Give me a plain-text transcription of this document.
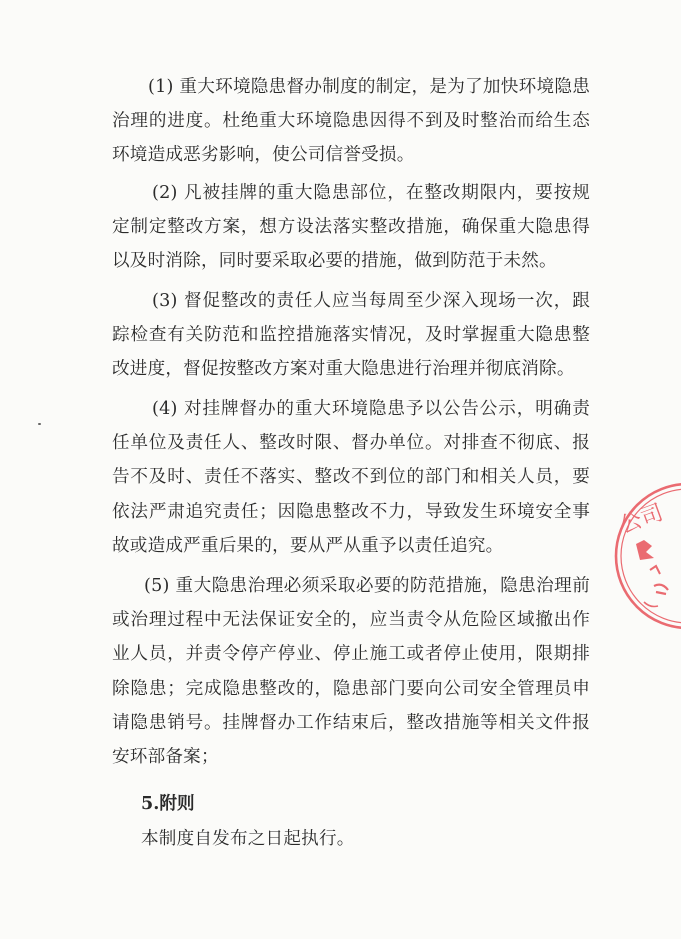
(1) 重大环境隐患督办制度的制定，是为了加快环境隐患治理的进度。杜绝重大环境隐患因得不到及时整治而给生态环境造成恶劣影响，使公司信誉受损。

(2) 凡被挂牌的重大隐患部位，在整改期限内，要按规定制定整改方案，想方设法落实整改措施，确保重大隐患得以及时消除，同时要采取必要的措施，做到防范于未然。

(3) 督促整改的责任人应当每周至少深入现场一次，跟踪检查有关防范和监控措施落实情况，及时掌握重大隐患整改进度，督促按整改方案对重大隐患进行治理并彻底消除。

(4) 对挂牌督办的重大环境隐患予以公告公示，明确责任单位及责任人、整改时限、督办单位。对排查不彻底、报告不及时、责任不落实、整改不到位的部门和相关人员，要依法严肃追究责任；因隐患整改不力，导致发生环境安全事故或造成严重后果的，要从严从重予以责任追究。

(5) 重大隐患治理必须采取必要的防范措施，隐患治理前或治理过程中无法保证安全的，应当责令从危险区域撤出作业人员，并责令停产停业、停止施工或者停止使用，限期排除隐患；完成隐患整改的，隐患部门要向公司安全管理员申请隐患销号。挂牌督办工作结束后，整改措施等相关文件报安环部备案；

5.附则

本制度自发布之日起执行。

公司
